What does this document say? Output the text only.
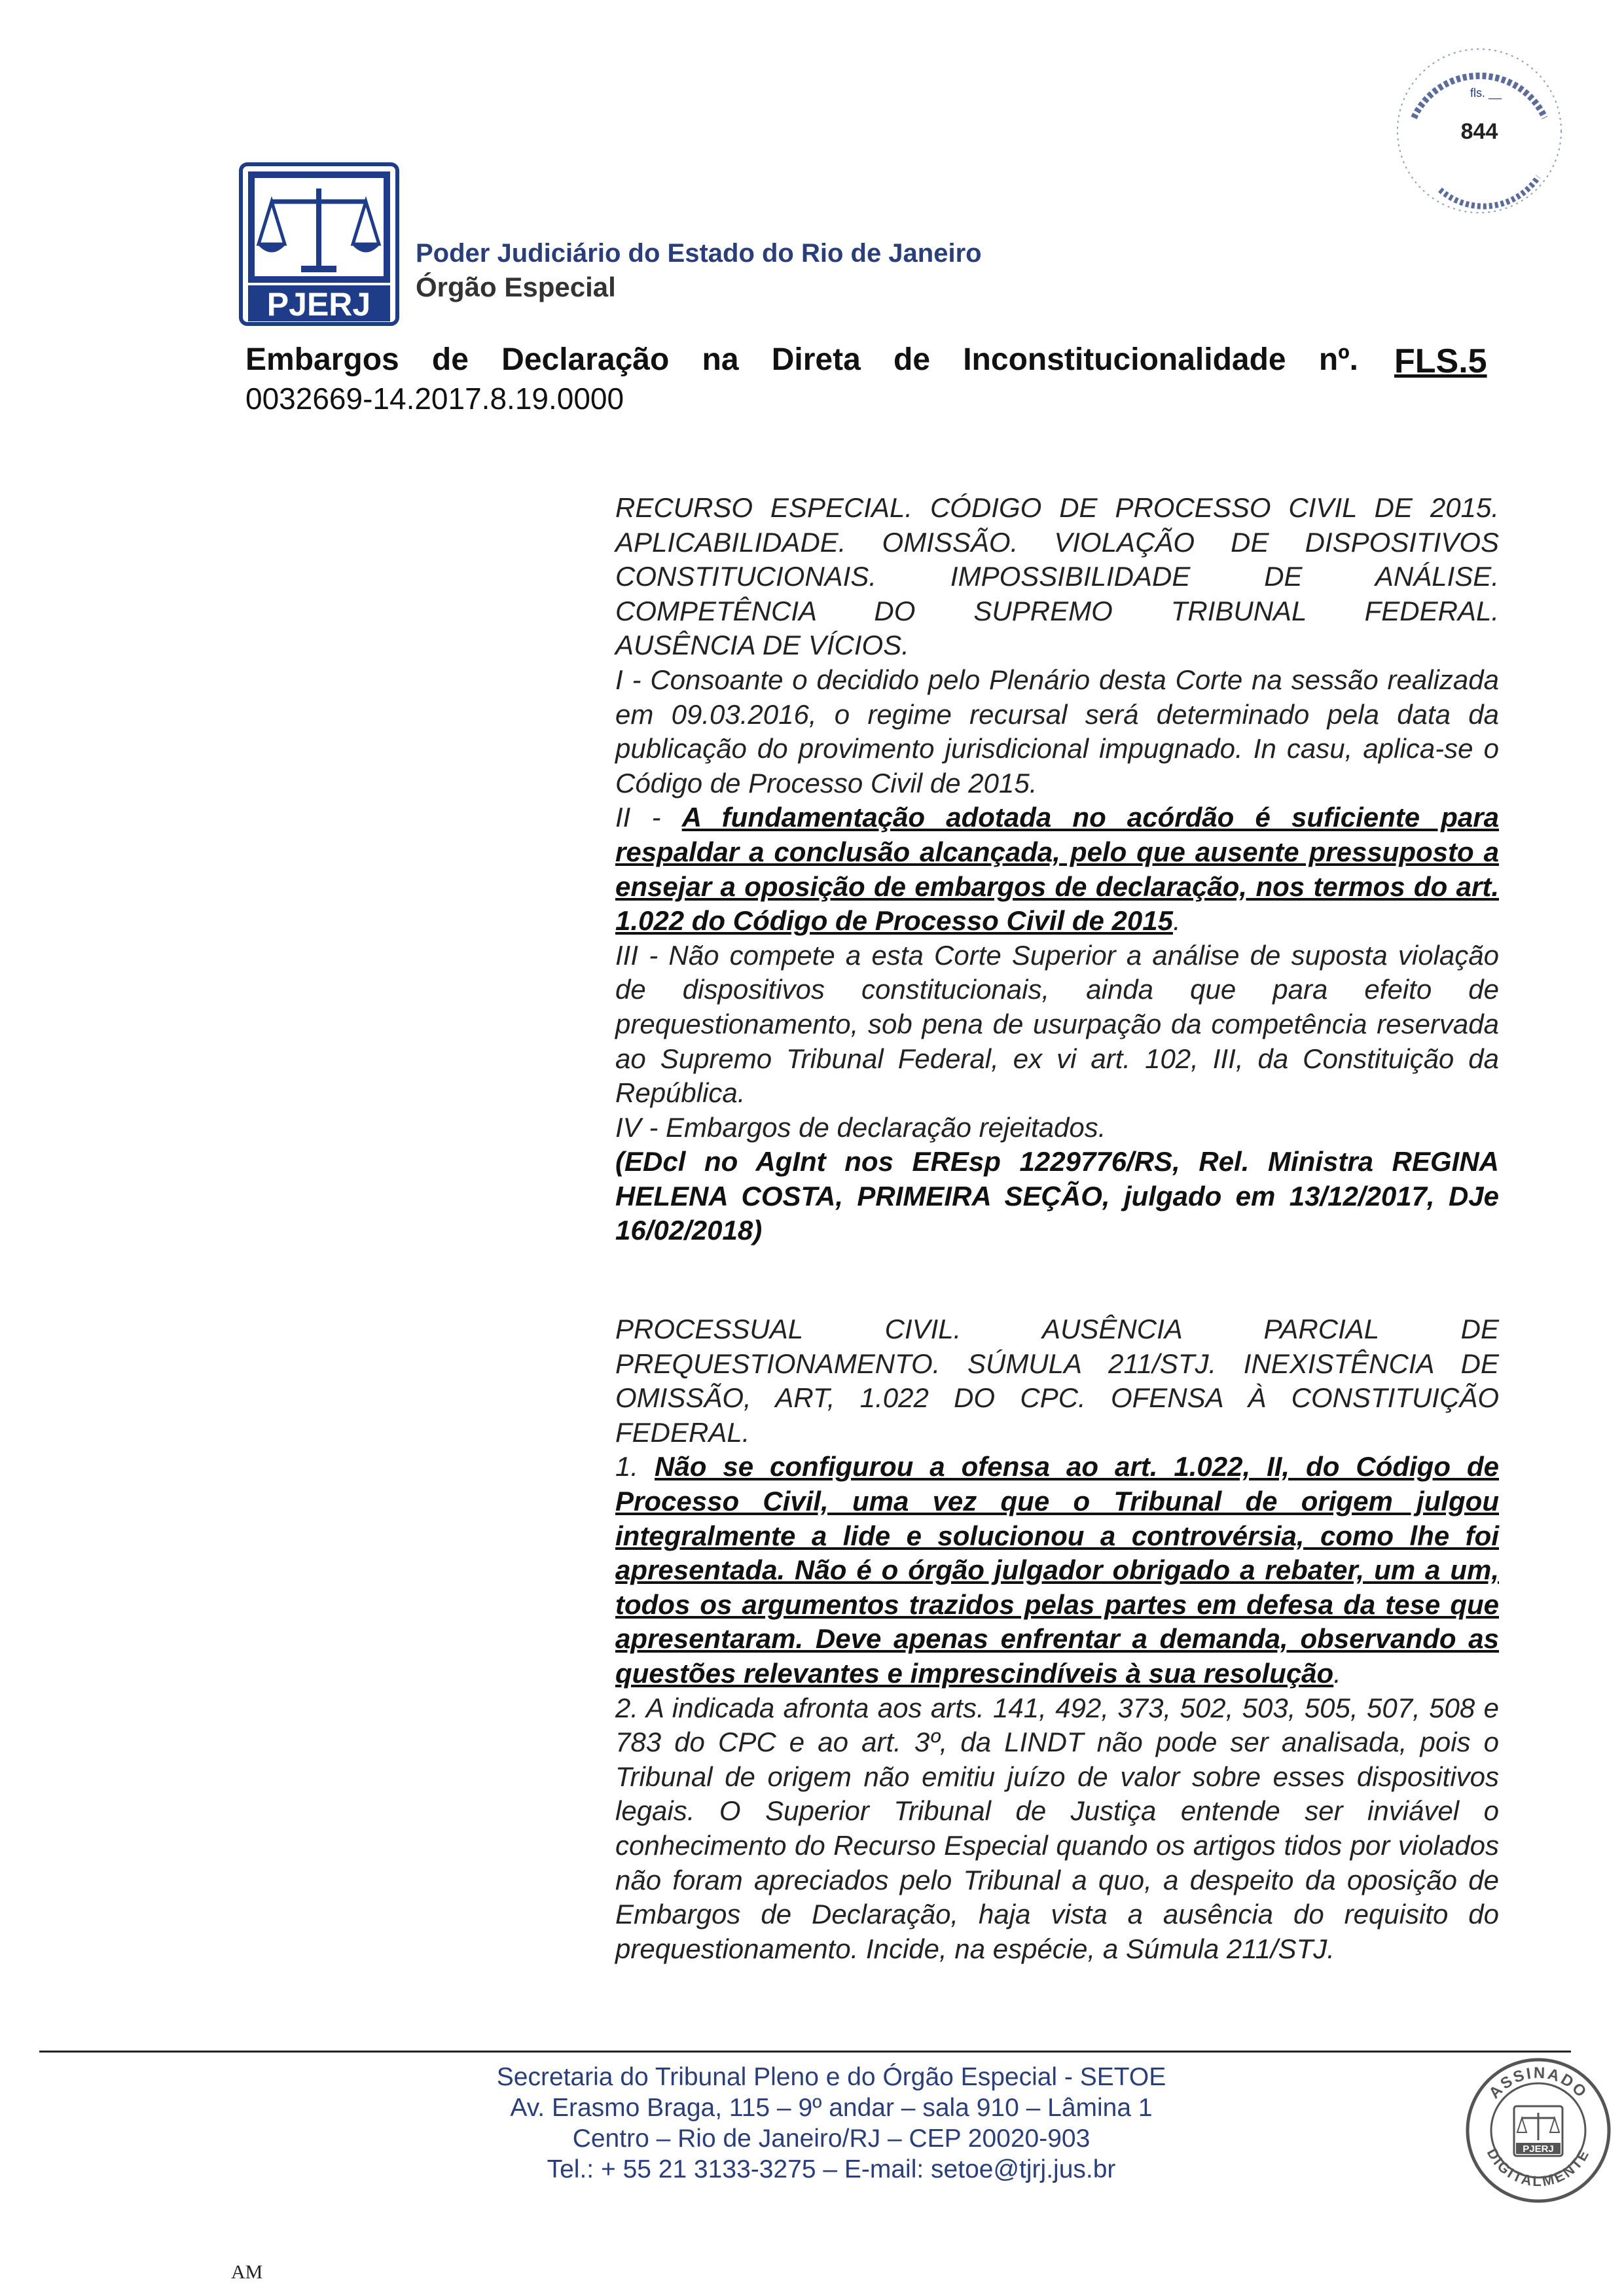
PJERJ
Poder Judiciário do Estado do Rio de Janeiro
Órgão Especial
fls. __
844
Embargos de Declaração na Direta de Inconstitucionalidade nº.
0032669-14.2017.8.19.0000
FLS.5

RECURSO ESPECIAL. CÓDIGO DE PROCESSO CIVIL DE 2015.

APLICABILIDADE. OMISSÃO. VIOLAÇÃO DE DISPOSITIVOS

CONSTITUCIONAIS. IMPOSSIBILIDADE DE ANÁLISE.

COMPETÊNCIA DO SUPREMO TRIBUNAL FEDERAL.

AUSÊNCIA DE VÍCIOS.

I - Consoante o decidido pelo Plenário desta Corte na sessão realizada em 09.03.2016, o regime recursal será determinado pela data da publicação do provimento jurisdicional impugnado. In casu, aplica-se o Código de Processo Civil de 2015.

II - A fundamentação adotada no acórdão é suficiente para respaldar a conclusão alcançada, pelo que ausente pressuposto a ensejar a oposição de embargos de declaração, nos termos do art. 1.022 do Código de Processo Civil de 2015.

III - Não compete a esta Corte Superior a análise de suposta violação de dispositivos constitucionais, ainda que para efeito de prequestionamento, sob pena de usurpação da competência reservada ao Supremo Tribunal Federal, ex vi art. 102, III, da Constituição da República.

IV - Embargos de declaração rejeitados.

(EDcl no AgInt nos EREsp 1229776/RS, Rel. Ministra REGINA HELENA COSTA, PRIMEIRA SEÇÃO, julgado em 13/12/2017, DJe 16/02/2018)

PROCESSUAL CIVIL. AUSÊNCIA PARCIAL DE

PREQUESTIONAMENTO. SÚMULA 211/STJ. INEXISTÊNCIA DE

OMISSÃO, ART, 1.022 DO CPC. OFENSA À CONSTITUIÇÃO

FEDERAL.

1. Não se configurou a ofensa ao art. 1.022, II, do Código de Processo Civil, uma vez que o Tribunal de origem julgou integralmente a lide e solucionou a controvérsia, como lhe foi apresentada. Não é o órgão julgador obrigado a rebater, um a um, todos os argumentos trazidos pelas partes em defesa da tese que apresentaram. Deve apenas enfrentar a demanda, observando as questões relevantes e imprescindíveis à sua resolução.

2. A indicada afronta aos arts. 141, 492, 373, 502, 503, 505, 507, 508 e 783 do CPC e ao art. 3º, da LINDT não pode ser analisada, pois o Tribunal de origem não emitiu juízo de valor sobre esses dispositivos legais. O Superior Tribunal de Justiça entende ser inviável o conhecimento do Recurso Especial quando os artigos tidos por violados não foram apreciados pelo Tribunal a quo, a despeito da oposição de Embargos de Declaração, haja vista a ausência do requisito do prequestionamento. Incide, na espécie, a Súmula 211/STJ.

Secretaria do Tribunal Pleno e do Órgão Especial - SETOE
Av. Erasmo Braga, 115 – 9º andar – sala 910 – Lâmina 1
Centro – Rio de Janeiro/RJ – CEP 20020-903
Tel.: + 55 21 3133-3275 – E-mail: setoe@tjrj.jus.br
ASSINADO
DIGITALMENTE
PJERJ
AM
